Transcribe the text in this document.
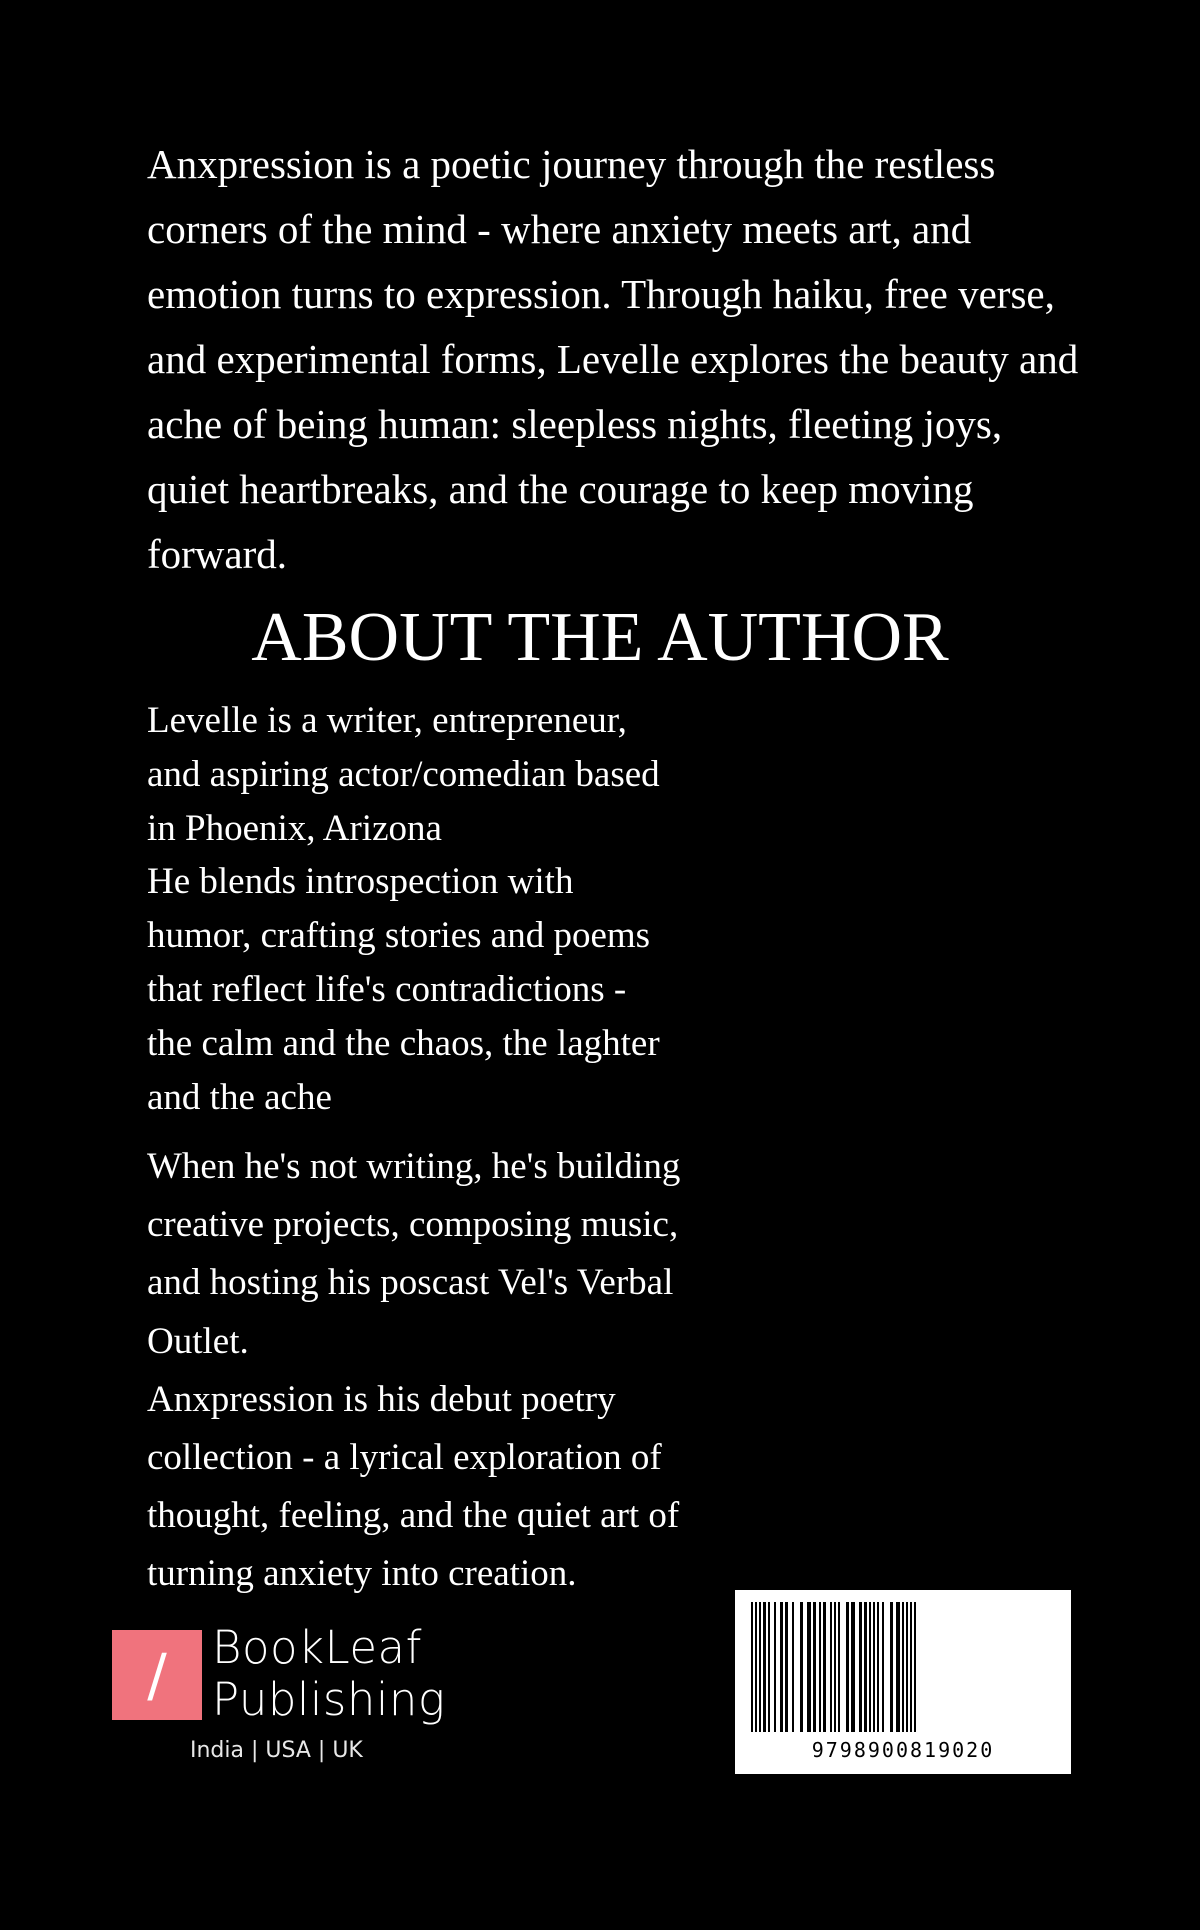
Anxpression is a poetic journey through the restless
corners of the mind - where anxiety meets art, and
emotion turns to expression. Through haiku, free verse,
and experimental forms, Levelle explores the beauty and
ache of being human: sleepless nights, fleeting joys,
quiet heartbreaks, and the courage to keep moving
forward.
ABOUT THE AUTHOR
Levelle is a writer, entrepreneur,
and aspiring actor/comedian based
in Phoenix, Arizona
He blends introspection with
humor, crafting stories and poems
that reflect life's contradictions -
the calm and the chaos, the laghter
and the ache
When he's not writing, he's building
creative projects, composing music,
and hosting his poscast Vel's Verbal
Outlet.
Anxpression is his debut poetry
collection - a lyrical exploration of
thought, feeling, and the quiet art of
turning anxiety into creation.
/	BookLeaf
Publishing
India | USA | UK	9798900819020
